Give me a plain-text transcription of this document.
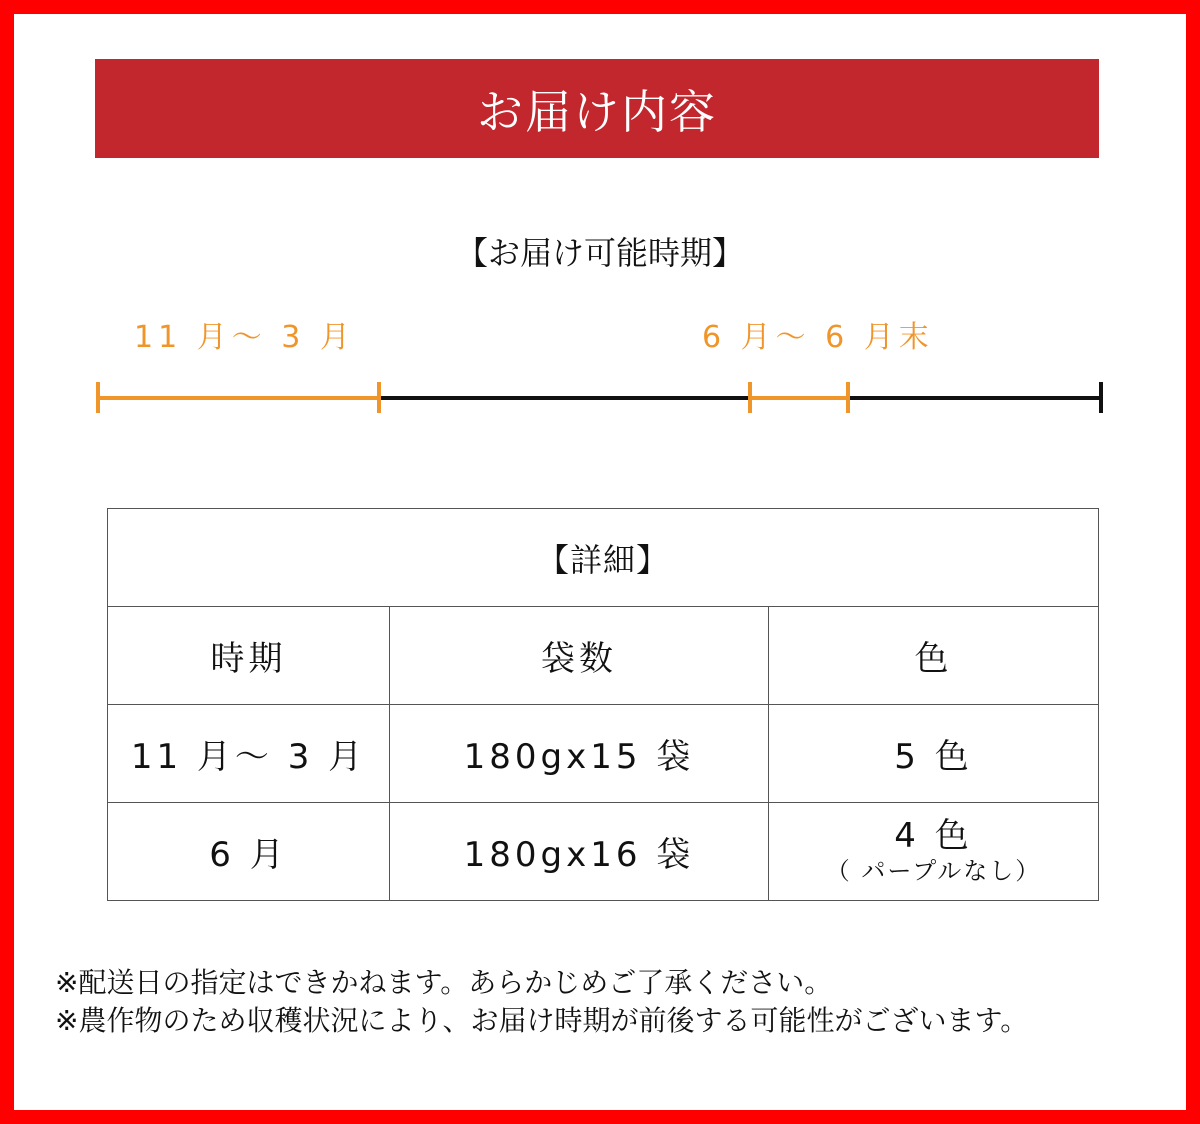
お届け内容
【お届け可能時期】
11 月～ 3 月	6 月～ 6 月末
【詳細】		
時期	袋数	色
11 月～ 3 月	180gx15 袋	5 色
6 月	180gx16 袋	4 色
（ パープルなし）
※配送日の指定はできかねます。あらかじめご了承ください。
※農作物のため収穫状況により、お届け時期が前後する可能性がございます。
